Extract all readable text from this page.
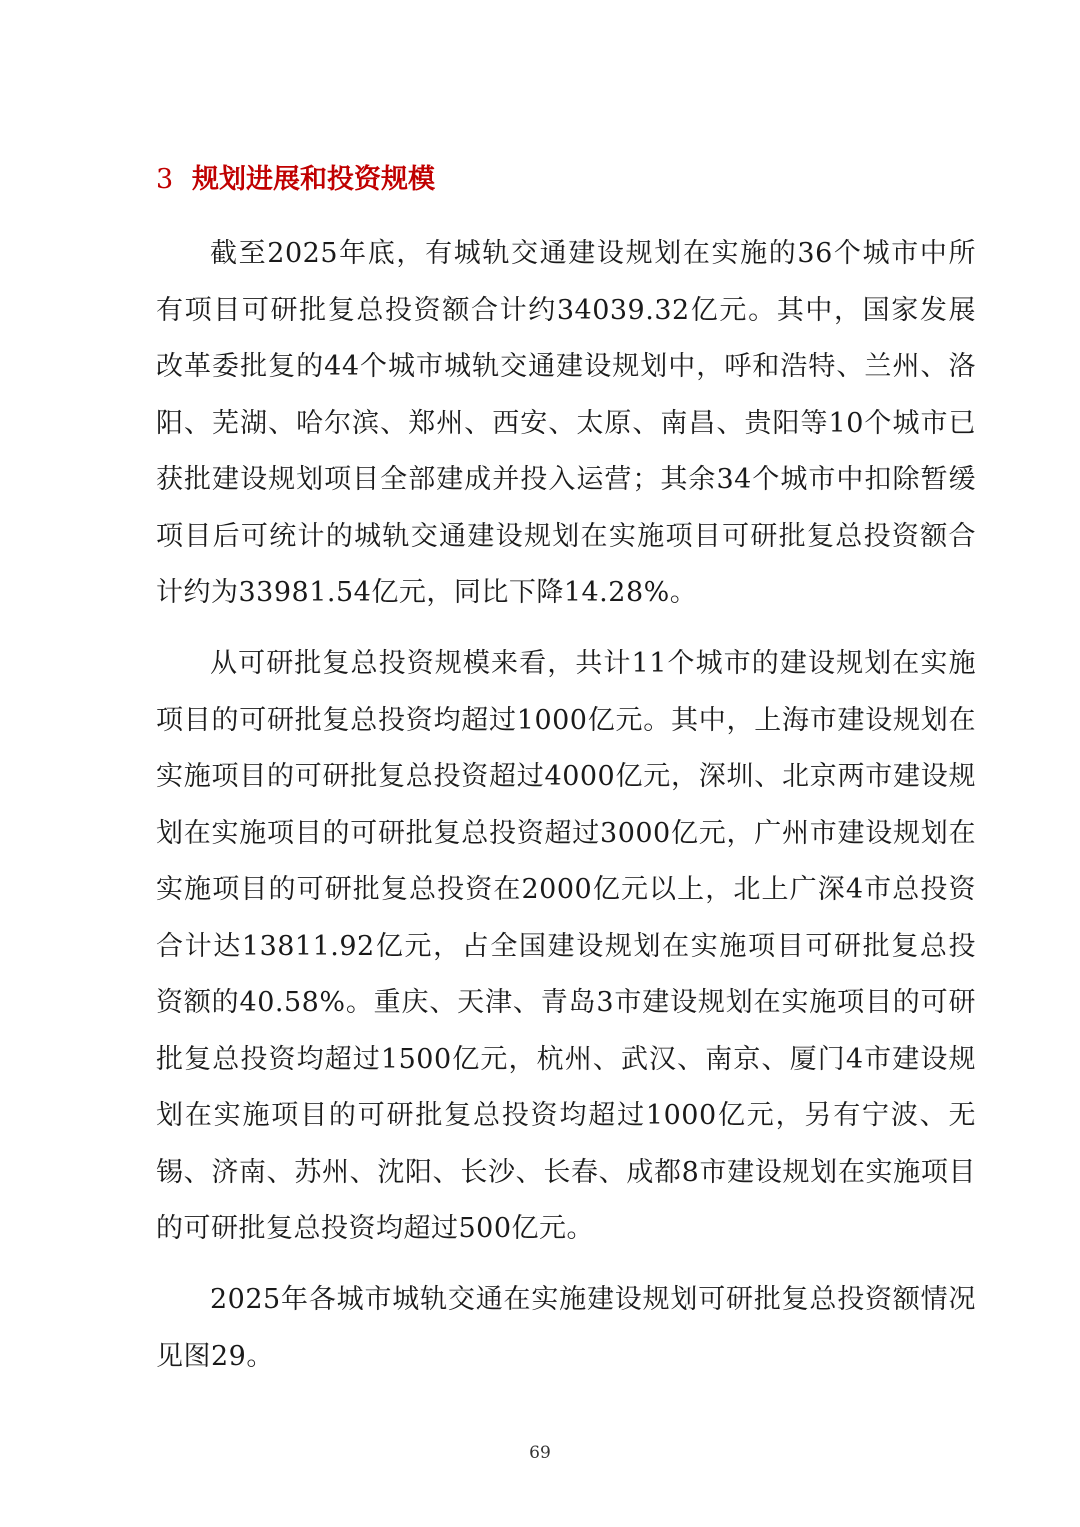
3 规划进展和投资规模

截至2025年底，有城轨交通建设规划在实施的36个城市中所有项目可研批复总投资额合计约34039.32亿元。其中，国家发展改革委批复的44个城市城轨交通建设规划中，呼和浩特、兰州、洛阳、芜湖、哈尔滨、郑州、西安、太原、南昌、贵阳等10个城市已获批建设规划项目全部建成并投入运营；其余34个城市中扣除暂缓项目后可统计的城轨交通建设规划在实施项目可研批复总投资额合计约为33981.54亿元，同比下降14.28%。

从可研批复总投资规模来看，共计11个城市的建设规划在实施项目的可研批复总投资均超过1000亿元。其中，上海市建设规划在实施项目的可研批复总投资超过4000亿元，深圳、北京两市建设规划在实施项目的可研批复总投资超过3000亿元，广州市建设规划在实施项目的可研批复总投资在2000亿元以上，北上广深4市总投资合计达13811.92亿元，占全国建设规划在实施项目可研批复总投资额的40.58%。重庆、天津、青岛3市建设规划在实施项目的可研批复总投资均超过1500亿元，杭州、武汉、南京、厦门4市建设规划在实施项目的可研批复总投资均超过1000亿元，另有宁波、无锡、济南、苏州、沈阳、长沙、长春、成都8市建设规划在实施项目的可研批复总投资均超过500亿元。

2025年各城市城轨交通在实施建设规划可研批复总投资额情况见图29。

69
